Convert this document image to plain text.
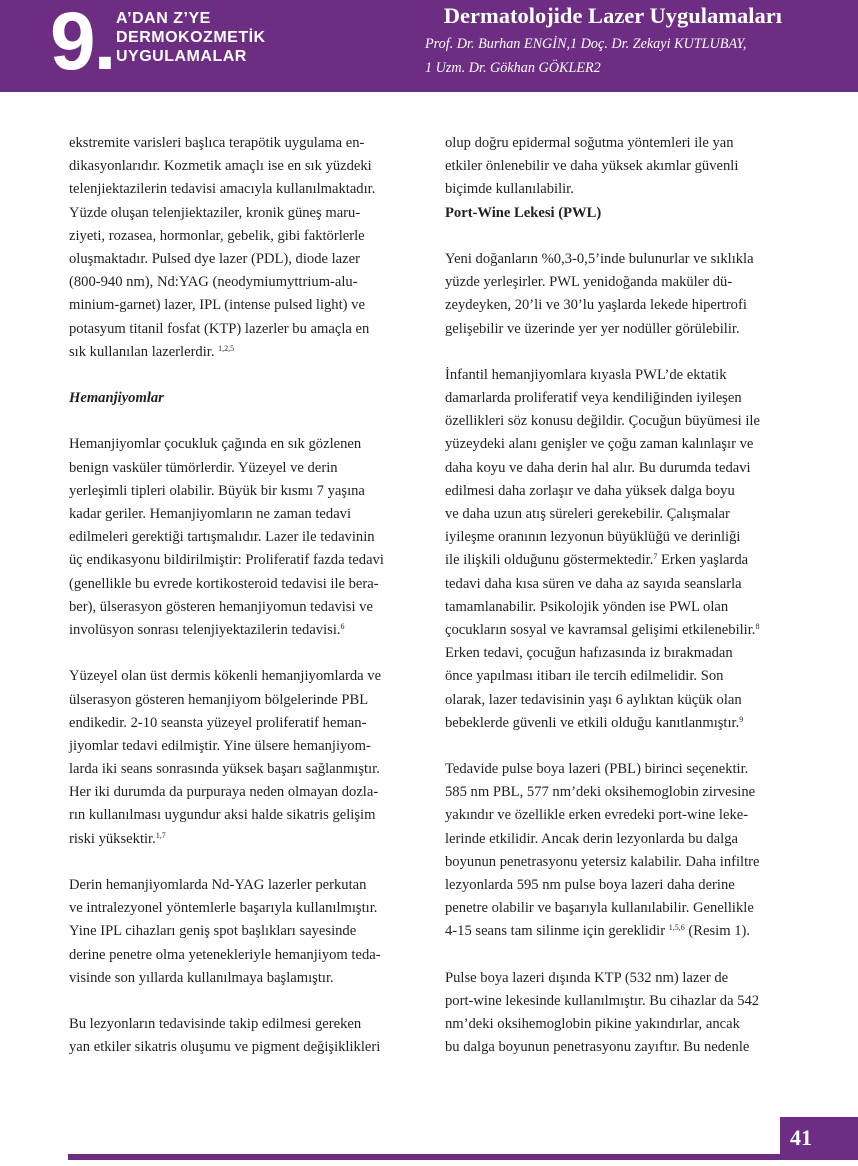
9. A’DAN Z’YE
DERMOKOZMETİK
UYGULAMALAR
Dermatolojide Lazer Uygulamaları
Prof. Dr. Burhan ENGİN,1 Doç. Dr. Zekayi KUTLUBAY,
1 Uzm. Dr. Gökhan GÖKLER2
ekstremite varisleri başlıca terapötik uygulama en-
dikasyonlarıdır. Kozmetik amaçlı ise en sık yüzdeki
telenjiektazilerin tedavisi amacıyla kullanılmaktadır.
Yüzde oluşan telenjiektaziler, kronik güneş maru-
ziyeti, rozasea, hormonlar, gebelik, gibi faktörlerle
oluşmaktadır. Pulsed dye lazer (PDL), diode lazer
(800-940 nm), Nd:YAG (neodymiumyttrium-alu-
minium-garnet) lazer, IPL (intense pulsed light) ve
potasyum titanil fosfat (KTP) lazerler bu amaçla en
sık kullanılan lazerlerdir. $^{1,2,5}$
Hemanjiyomlar
Hemanjiyomlar çocukluk çağında en sık gözlenen
benign vasküler tümörlerdir. Yüzeyel ve derin
yerleşimli tipleri olabilir. Büyük bir kısmı 7 yaşına
kadar geriler. Hemanjiyomların ne zaman tedavi
edilmeleri gerektiği tartışmalıdır. Lazer ile tedavinin
üç endikasyonu bildirilmiştir: Proliferatif fazda tedavi
(genellikle bu evrede kortikosteroid tedavisi ile bera-
ber), ülserasyon gösteren hemanjiyomun tedavisi ve
involüsyon sonrası telenjiyektazilerin tedavisi.$^6$
Yüzeyel olan üst dermis kökenli hemanjiyomlarda ve
ülserasyon gösteren hemanjiyom bölgelerinde PBL
endikedir. 2-10 seansta yüzeyel proliferatif heman-
jiyomlar tedavi edilmiştir. Yine ülsere hemanjiyom-
larda iki seans sonrasında yüksek başarı sağlanmıştır.
Her iki durumda da purpuraya neden olmayan dozla-
rın kullanılması uygundur aksi halde sikatris gelişim
riski yüksektir.$^{1,7}$
Derin hemanjiyomlarda Nd-YAG lazerler perkutan
ve intralezyonel yöntemlerle başarıyla kullanılmıştır.
Yine IPL cihazları geniş spot başlıkları sayesinde
derine penetre olma yetenekleriyle hemanjiyom teda-
visinde son yıllarda kullanılmaya başlamıştır.
Bu lezyonların tedavisinde takip edilmesi gereken
yan etkiler sikatris oluşumu ve pigment değişiklikleri
olup doğru epidermal soğutma yöntemleri ile yan
etkiler önlenebilir ve daha yüksek akımlar güvenli
biçimde kullanılabilir.
Port-Wine Lekesi (PWL)
Yeni doğanların %0,3-0,5’inde bulunurlar ve sıklıkla
yüzde yerleşirler. PWL yenidoğanda maküler dü-
zeydeyken, 20’li ve 30’lu yaşlarda lekede hipertrofi
gelişebilir ve üzerinde yer yer nodüller görülebilir.
İnfantil hemanjiyomlara kıyasla PWL’de ektatik
damarlarda proliferatif veya kendiliğinden iyileşen
özellikleri söz konusu değildir. Çocuğun büyümesi ile
yüzeydeki alanı genişler ve çoğu zaman kalınlaşır ve
daha koyu ve daha derin hal alır. Bu durumda tedavi
edilmesi daha zorlaşır ve daha yüksek dalga boyu
ve daha uzun atış süreleri gerekebilir. Çalışmalar
iyileşme oranının lezyonun büyüklüğü ve derinliği
ile ilişkili olduğunu göstermektedir.$^7$ Erken yaşlarda
tedavi daha kısa süren ve daha az sayıda seanslarla
tamamlanabilir. Psikolojik yönden ise PWL olan
çocukların sosyal ve kavramsal gelişimi etkilenebilir.$^8$
Erken tedavi, çocuğun hafızasında iz bırakmadan
önce yapılması itibarı ile tercih edilmelidir. Son
olarak, lazer tedavisinin yaşı 6 aylıktan küçük olan
bebeklerde güvenli ve etkili olduğu kanıtlanmıştır.$^9$
Tedavide pulse boya lazeri (PBL) birinci seçenektir.
585 nm PBL, 577 nm’deki oksihemoglobin zirvesine
yakındır ve özellikle erken evredeki port-wine leke-
lerinde etkilidir. Ancak derin lezyonlarda bu dalga
boyunun penetrasyonu yetersiz kalabilir. Daha infiltre
lezyonlarda 595 nm pulse boya lazeri daha derine
penetre olabilir ve başarıyla kullanılabilir. Genellikle
4-15 seans tam silinme için gereklidir $^{1,5,6}$ (Resim 1).
Pulse boya lazeri dışında KTP (532 nm) lazer de
port-wine lekesinde kullanılmıştır. Bu cihazlar da 542
nm’deki oksihemoglobin pikine yakındırlar, ancak
bu dalga boyunun penetrasyonu zayıftır. Bu nedenle
41
